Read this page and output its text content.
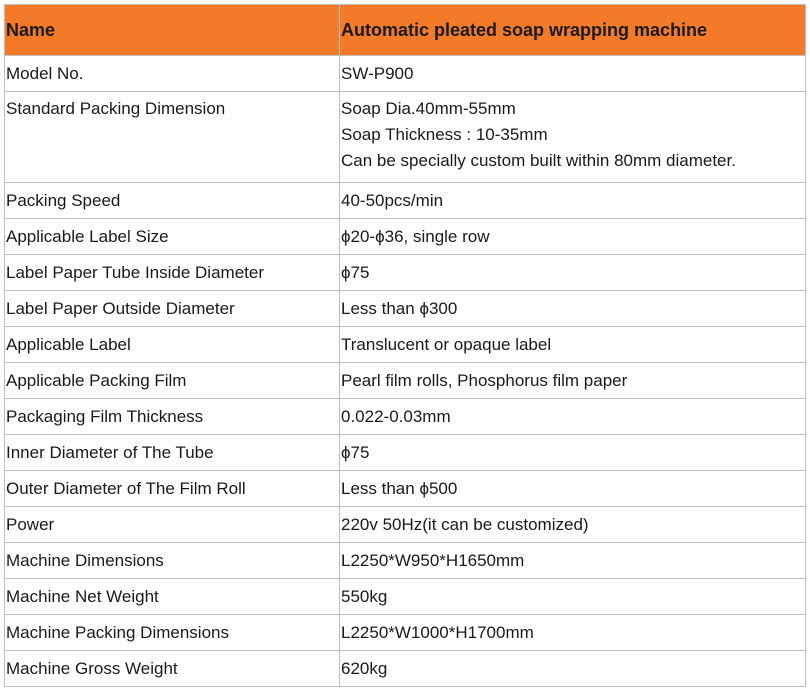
Name	Automatic pleated soap wrapping machine
Model No.	SW-P900
Standard Packing Dimension	Soap Dia.40mm-55mm
Soap Thickness : 10-35mm
Can be specially custom built within 80mm diameter.

Packing Speed	40-50pcs/min
Applicable Label Size	ϕ20-ϕ36, single row
Label Paper Tube Inside Diameter	ϕ75
Label Paper Outside Diameter	Less than ϕ300
Applicable Label	Translucent or opaque label
Applicable Packing Film	Pearl film rolls, Phosphorus film paper
Packaging Film Thickness	0.022-0.03mm
Inner Diameter of The Tube	ϕ75
Outer Diameter of The Film Roll	Less than ϕ500
Power	220v 50Hz(it can be customized)
Machine Dimensions	L2250*W950*H1650mm
Machine Net Weight	550kg
Machine Packing Dimensions	L2250*W1000*H1700mm
Machine Gross Weight	620kg
